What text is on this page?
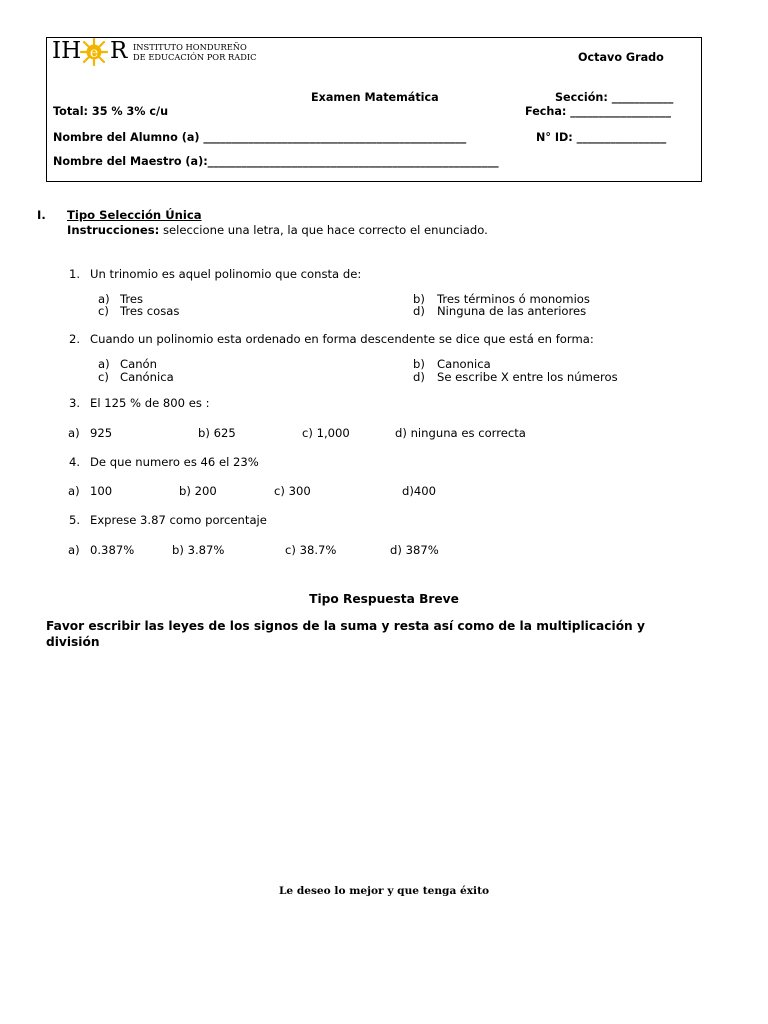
IH e R INSTITUTO HONDUREÑO
DE EDUCACIÓN POR RADIC	Octavo Grado
Examen Matemática	Sección: ___________
Total: 35 % 3% c/u	Fecha: __________________
Nombre del Alumno (a) _______________________________________________	N° ID: ________________
Nombre del Maestro (a):____________________________________________________
I. Tipo Selección Única
Instrucciones: seleccione una letra, la que hace correcto el enunciado.
1. Un trinomio es aquel polinomio que consta de:
a) Tres	b) Tres términos ó monomios
c) Tres cosas	d) Ninguna de las anteriores
2. Cuando un polinomio esta ordenado en forma descendente se dice que está en forma:
a) Canón	b) Canonica
c) Canónica	d) Se escribe X entre los números
3. El 125 % de 800 es :
a) 925	b) 625	c) 1,000	d) ninguna es correcta
4. De que numero es 46 el 23%
a) 100	b) 200	c) 300	d)400
5. Exprese 3.87 como porcentaje
a) 0.387%	b) 3.87%	c) 38.7%	d) 387%
Tipo Respuesta Breve
Favor escribir las leyes de los signos de la suma y resta así como de la multiplicación y
división
Le deseo lo mejor y que tenga éxito
